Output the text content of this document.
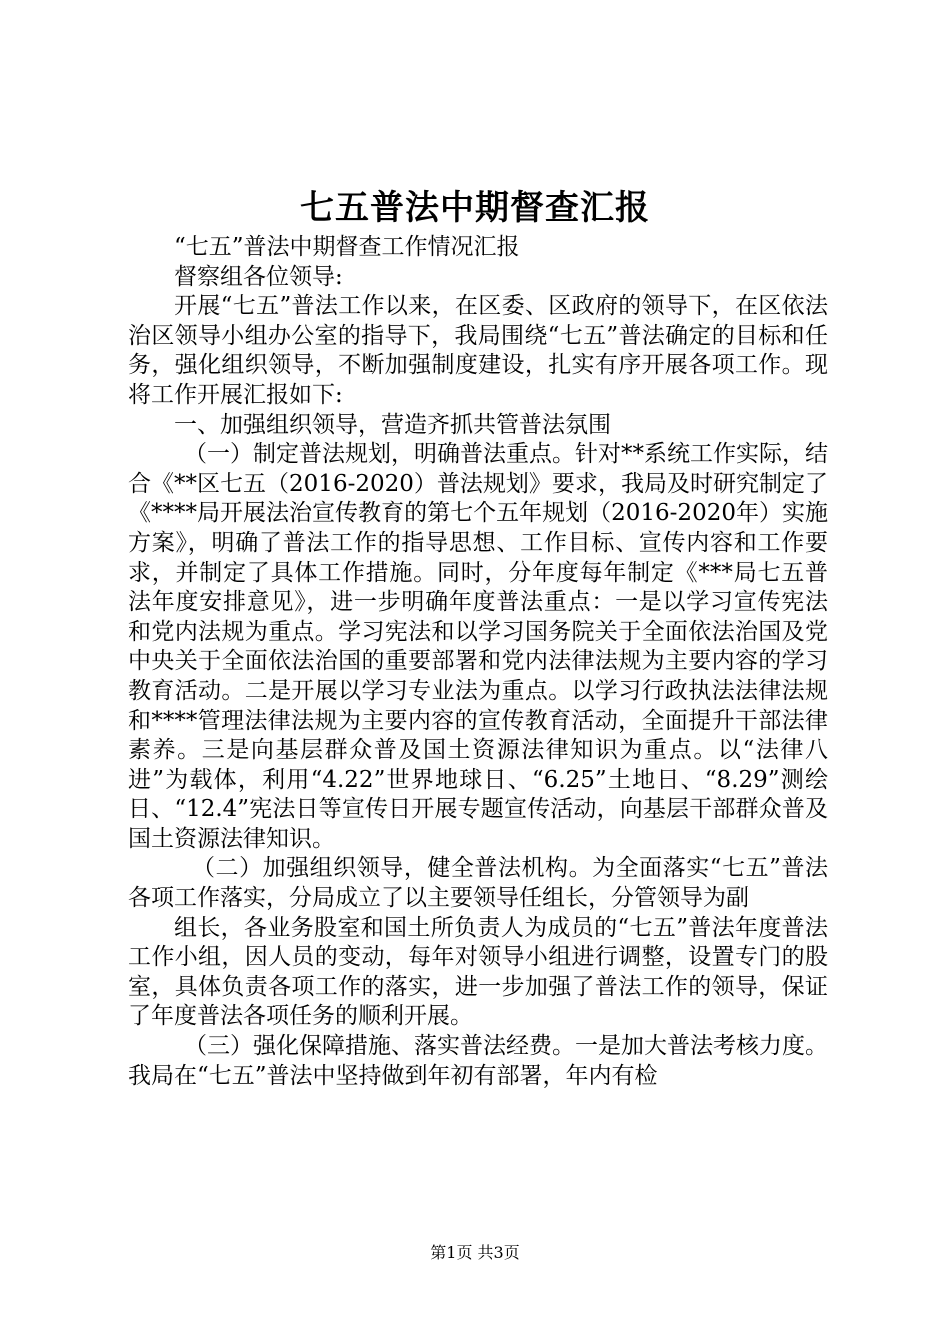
七五普法中期督查汇报

“七五”普法中期督查工作情况汇报

督察组各位领导:

开展“七五”普法工作以来，在区委、区政府的领导下，在区依法治区领导小组办公室的指导下，我局围绕“七五”普法确定的目标和任务，强化组织领导，不断加强制度建设，扎实有序开展各项工作。现将工作开展汇报如下:

一、加强组织领导，营造齐抓共管普法氛围

（一）制定普法规划，明确普法重点。针对**系统工作实际，结合《**区七五（2016-2020）普法规划》要求，我局及时研究制定了《****局开展法治宣传教育的第七个五年规划（2016-2020年）实施方案》，明确了普法工作的指导思想、工作目标、宣传内容和工作要求，并制定了具体工作措施。同时，分年度每年制定《***局七五普法年度安排意见》，进一步明确年度普法重点：一是以学习宣传宪法和党内法规为重点。学习宪法和以学习国务院关于全面依法治国及党中央关于全面依法治国的重要部署和党内法律法规为主要内容的学习教育活动。二是开展以学习专业法为重点。以学习行政执法法律法规和****管理法律法规为主要内容的宣传教育活动，全面提升干部法律素养。三是向基层群众普及国土资源法律知识为重点。以“法律八进”为载体，利用“4.22”世界地球日、“6.25”土地日、“8.29”测绘日、“12.4”宪法日等宣传日开展专题宣传活动，向基层干部群众普及国土资源法律知识。

（二）加强组织领导，健全普法机构。为全面落实“七五”普法各项工作落实，分局成立了以主要领导任组长，分管领导为副

组长，各业务股室和国土所负责人为成员的“七五”普法年度普法工作小组，因人员的变动，每年对领导小组进行调整，设置专门的股室，具体负责各项工作的落实，进一步加强了普法工作的领导，保证了年度普法各项任务的顺利开展。

（三）强化保障措施、落实普法经费。一是加大普法考核力度。我局在“七五”普法中坚持做到年初有部署，年内有检

第1页 共3页
